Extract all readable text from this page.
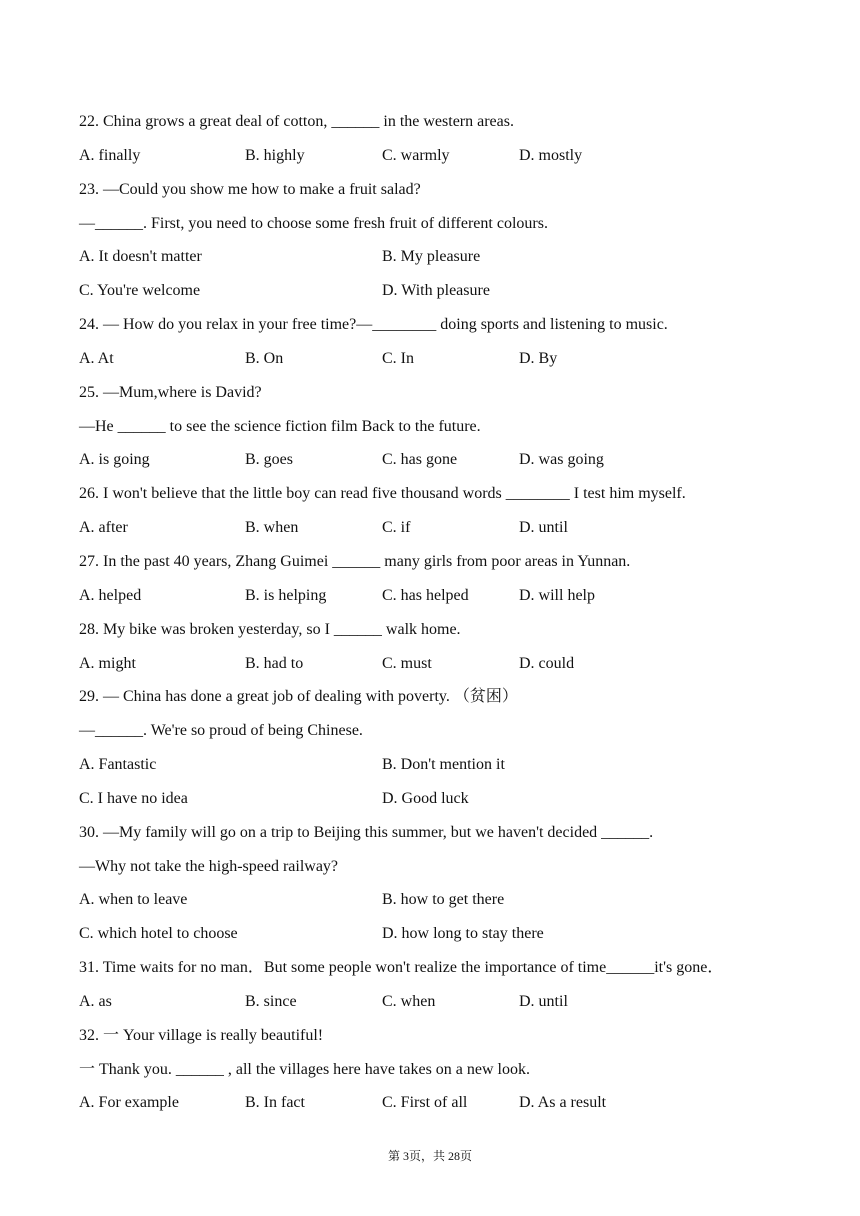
22. China grows a great deal of cotton, ______ in the western areas.
A. finally	B. highly	C. warmly	D. mostly
23. —Could you show me how to make a fruit salad?
—______. First, you need to choose some fresh fruit of different colours.
A. It doesn't matter	B. My pleasure
C. You're welcome	D. With pleasure
24. — How do you relax in your free time?—________ doing sports and listening to music.
A. At	B. On	C. In	D. By
25. —Mum,where is David?
—He ______ to see the science fiction film Back to the future.
A. is going	B. goes	C. has gone	D. was going
26. I won't believe that the little boy can read five thousand words ________ I test him myself.
A. after	B. when	C. if	D. until
27. In the past 40 years, Zhang Guimei ______ many girls from poor areas in Yunnan.
A. helped	B. is helping	C. has helped	D. will help
28. My bike was broken yesterday, so I ______ walk home.
A. might	B. had to	C. must	D. could
29. — China has done a great job of dealing with poverty. （贫困）
—______. We're so proud of being Chinese.
A. Fantastic	B. Don't mention it
C. I have no idea	D. Good luck
30. —My family will go on a trip to Beijing this summer, but we haven't decided ______.
—Why not take the high-speed railway?
A. when to leave	B. how to get there
C. which hotel to choose	D. how long to stay there
31. Time waits for no man．But some people won't realize the importance of time______it's gone．
A. as	B. since	C. when	D. until
32. 一 Your village is really beautiful!
一 Thank you. ______ , all the villages here have takes on a new look.
A. For example	B. In fact	C. First of all	D. As a result
第 3页，共 28页
